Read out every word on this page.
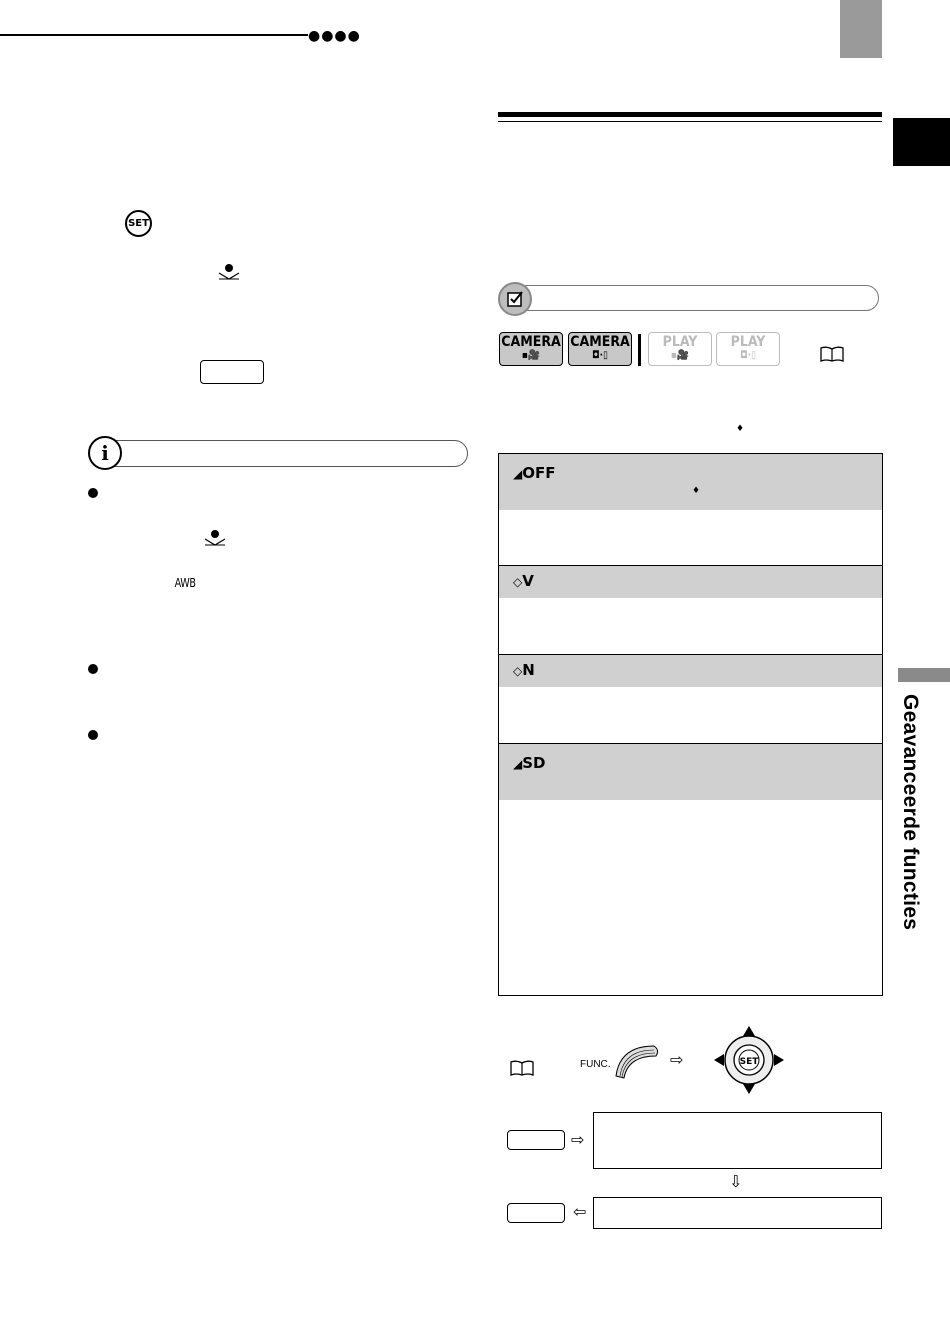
●●●●
Geavanceerde functies
SET
i
AWB
CAMERA
▪🎥
CAMERA
◘·▯
PLAY
▪🎥
PLAY
◘·▯
♦
◢OFF
♦
◇V
◇N
◢SD
FUNC.	⇨	SET
⇨
⇩
⇦
